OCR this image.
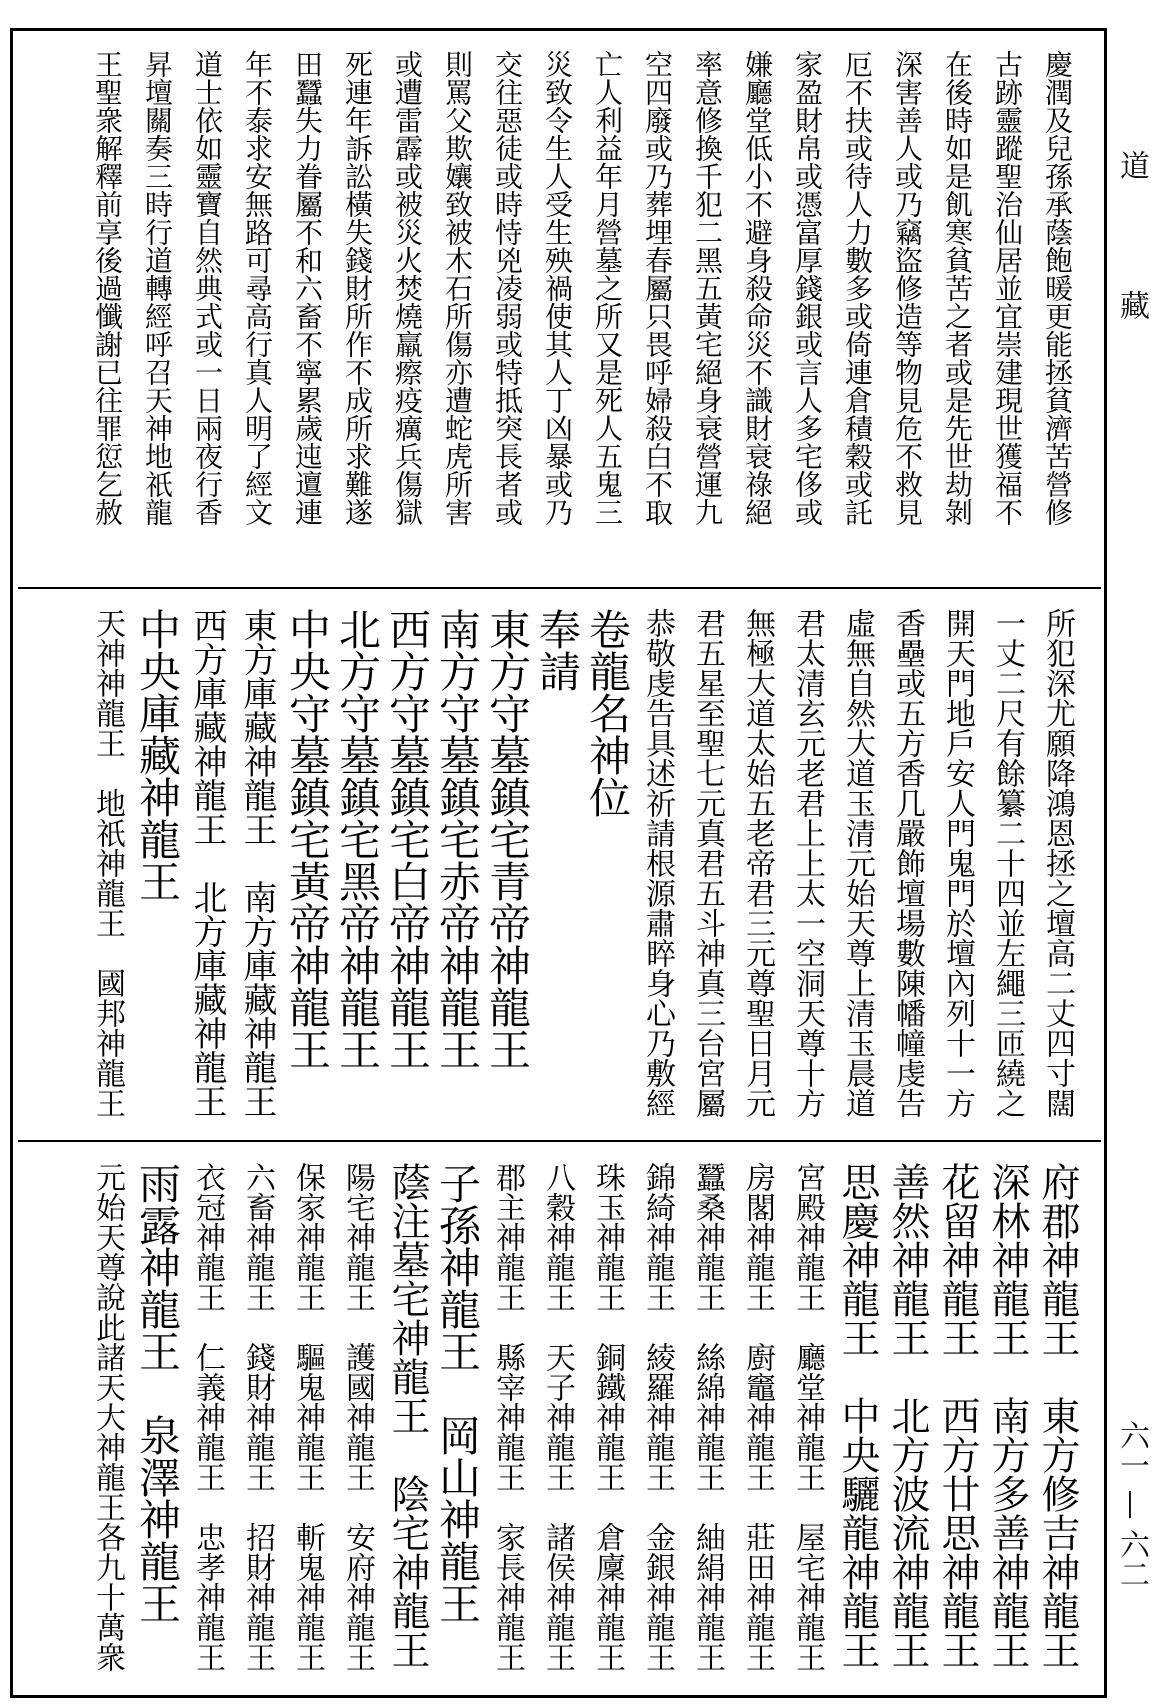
慶潤及兒孫承蔭飽暖更能拯貧濟苦營修
古跡靈蹤聖治仙居並宜崇建現世獲福不
在後時如是飢寒貧苦之者或是先世劫剝
深害善人或乃竊盜修造等物見危不救見
厄不扶或待人力數多或倚連倉積穀或託
家盈財帛或憑富厚錢銀或言人多宅侈或
嫌廳堂低小不避身殺命災不識財衰祿絕
率意修換千犯二黑五黃宅絕身衰營運九
空四廢或乃葬埋春屬只畏呼婦殺白不取
亡人利益年月營墓之所又是死人五鬼三
災致令生人受生殃禍使其人丁凶暴或乃
交往惡徒或時恃兇凌弱或特抵突長者或
則罵父欺孃致被木石所傷亦遭蛇虎所害
或遭雷霹或被災火焚燒羸瘵疫癘兵傷獄
死連年訴訟橫失錢財所作不成所求難遂
田蠶失力眷屬不和六畜不寧累歲迍邅連
年不泰求安無路可尋高行真人明了經文
道士依如靈寶自然典式或一日兩夜行香
昇壇關奏三時行道轉經呼召天神地祇龍
王聖衆解釋前享後過懺謝已往罪愆乞赦
所犯深尤願降鴻恩拯之壇高二丈四寸闊
一丈二尺有餘纂二十四並左繩三匝繞之
開天門地戶安人門鬼門於壇內列十一方
香壘或五方香几嚴飾壇場數陳幡幢虔告
虛無自然大道玉清元始天尊上清玉晨道
君太清玄元老君上上太一空洞天尊十方
無極大道太始五老帝君三元尊聖日月元
君五星至聖七元真君五斗神真三台宮屬
恭敬虔告具述祈請根源肅睟身心乃敷經
卷龍名神位
奉請
東方守墓鎮宅青帝神龍王
南方守墓鎮宅赤帝神龍王
西方守墓鎮宅白帝神龍王
北方守墓鎮宅黑帝神龍王
中央守墓鎮宅黃帝神龍王
東方庫藏神龍王　南方庫藏神龍王
西方庫藏神龍王　北方庫藏神龍王
中央庫藏神龍王
天神神龍王　地祇神龍王　國邦神龍王
府郡神龍王　東方修吉神龍王
深林神龍王　南方多善神龍王
花留神龍王　西方廿思神龍王
善然神龍王　北方波流神龍王
思慶神龍王　中央驪龍神龍王
宮殿神龍王　廳堂神龍王　屋宅神龍王
房閣神龍王　廚竈神龍王　莊田神龍王
蠶桑神龍王　絲綿神龍王　紬絹神龍王
錦綺神龍王　綾羅神龍王　金銀神龍王
珠玉神龍王　銅鐵神龍王　倉廩神龍王
八穀神龍王　天子神龍王　諸侯神龍王
郡主神龍王　縣宰神龍王　家長神龍王
子孫神龍王　岡山神龍王
蔭注墓宅神龍王　陰宅神龍王
陽宅神龍王　護國神龍王　安府神龍王
保家神龍王　驅鬼神龍王　斬鬼神龍王
六畜神龍王　錢財神龍王　招財神龍王
衣冠神龍王　仁義神龍王　忠孝神龍王
雨露神龍王　泉澤神龍王
元始天尊說此諸天大神龍王各九十萬衆
道
藏
六一 — 六二
